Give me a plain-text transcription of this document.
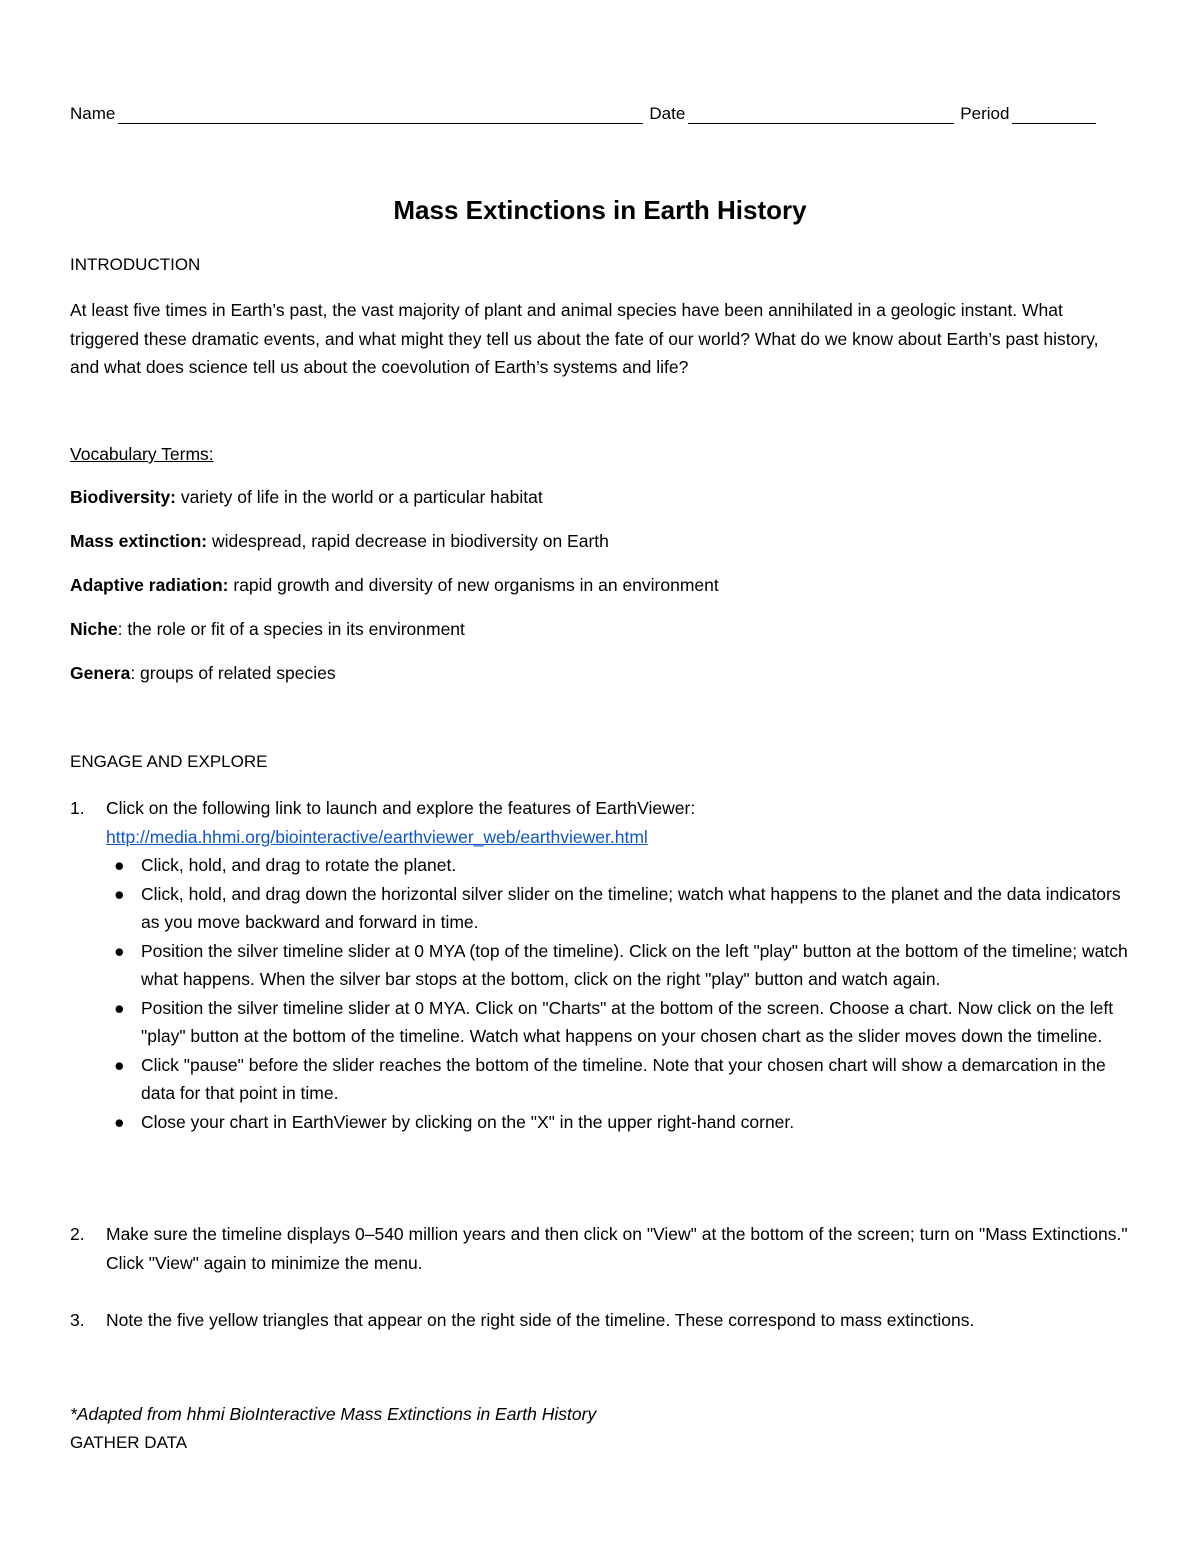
Name	Date	Period
Mass Extinctions in Earth History
INTRODUCTION
At least five times in Earth’s past, the vast majority of plant and animal species have been annihilated in a geologic instant. What triggered these dramatic events, and what might they tell us about the fate of our world? What do we know about Earth’s past history, and what does science tell us about the coevolution of Earth’s systems and life?
Vocabulary Terms:
Biodiversity: variety of life in the world or a particular habitat
Mass extinction: widespread, rapid decrease in biodiversity on Earth
Adaptive radiation: rapid growth and diversity of new organisms in an environment
Niche: the role or fit of a species in its environment
Genera: groups of related species
ENGAGE AND EXPLORE
1. Click on the following link to launch and explore the features of EarthViewer:
http://media.hhmi.org/biointeractive/earthviewer_web/earthviewer.html
● Click, hold, and drag to rotate the planet.
● Click, hold, and drag down the horizontal silver slider on the timeline; watch what happens to the planet and the data indicators as you move backward and forward in time.
● Position the silver timeline slider at 0 MYA (top of the timeline). Click on the left "play" button at the bottom of the timeline; watch what happens. When the silver bar stops at the bottom, click on the right "play" button and watch again.
● Position the silver timeline slider at 0 MYA. Click on "Charts" at the bottom of the screen. Choose a chart. Now click on the left "play" button at the bottom of the timeline. Watch what happens on your chosen chart as the slider moves down the timeline.
● Click "pause" before the slider reaches the bottom of the timeline. Note that your chosen chart will show a demarcation in the data for that point in time.
● Close your chart in EarthViewer by clicking on the "X" in the upper right-hand corner.
2. Make sure the timeline displays 0–540 million years and then click on "View" at the bottom of the screen; turn on "Mass Extinctions." Click "View" again to minimize the menu.
3. Note the five yellow triangles that appear on the right side of the timeline. These correspond to mass extinctions.
*Adapted from hhmi BioInteractive Mass Extinctions in Earth History
GATHER DATA
